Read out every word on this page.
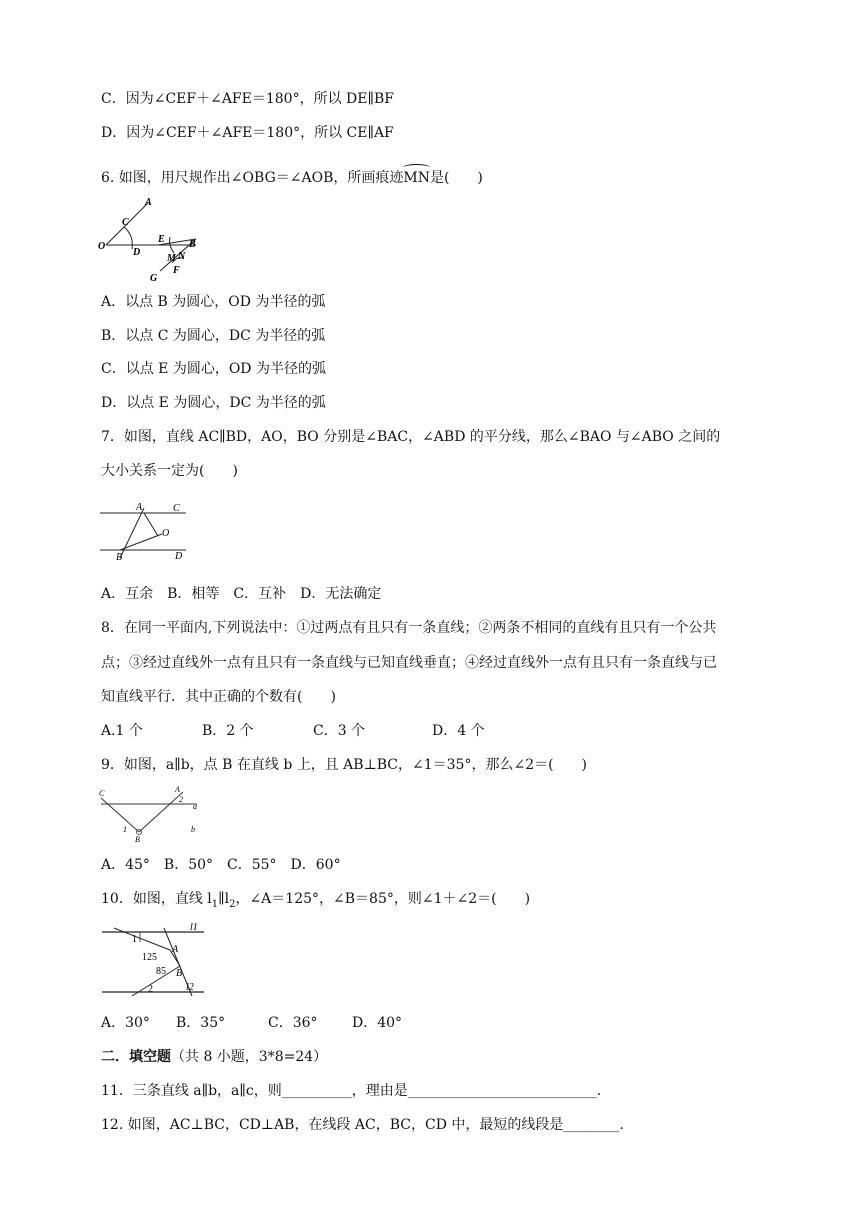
C．因为∠CEF＋∠AFE＝180°，所以 DE∥BF
D．因为∠CEF＋∠AFE＝180°，所以 CE∥AF
6. 如图，用尺规作出∠OBG＝∠AOB，所画痕迹MN是(　　)
A
C
O
D
E B
M N
G
F
A．以点 B 为圆心，OD 为半径的弧
B．以点 C 为圆心，DC 为半径的弧
C．以点 E 为圆心，OD 为半径的弧
D．以点 E 为圆心，DC 为半径的弧
7．如图，直线 AC∥BD，AO，BO 分别是∠BAC，∠ABD 的平分线，那么∠BAO 与∠ABO 之间的
大小关系一定为(　　)
A	C
O
B	D
A．互余　B．相等　C．互补　D．无法确定
8．在同一平面内,下列说法中：①过两点有且只有一条直线；②两条不相同的直线有且只有一个公共
点；③经过直线外一点有且只有一条直线与已知直线垂直；④经过直线外一点有且只有一条直线与已
知直线平行．其中正确的个数有(　　)
A.1 个	B．2 个	C．3 个	D．4 个
9．如图，a∥b，点 B 在直线 b 上，且 AB⊥BC，∠1＝35°，那么∠2＝(　　)
C	A
2
a
1
B
b
A．45°　B．50°　C．55°　D．60°
10．如图，直线 $l_1\parallel l_2$，∠A＝125°，∠B＝85°，则∠1＋∠2＝(　　)
l1
1
A
125
85 B
2	l2
A．30° B．35°	C．36° D．40°
二．填空题（共 8 小题，3*8=24）
11．三条直线 a∥b，a∥c，则__________，理由是___________________________.
12. 如图，AC⊥BC，CD⊥AB，在线段 AC，BC，CD 中，最短的线段是________.
